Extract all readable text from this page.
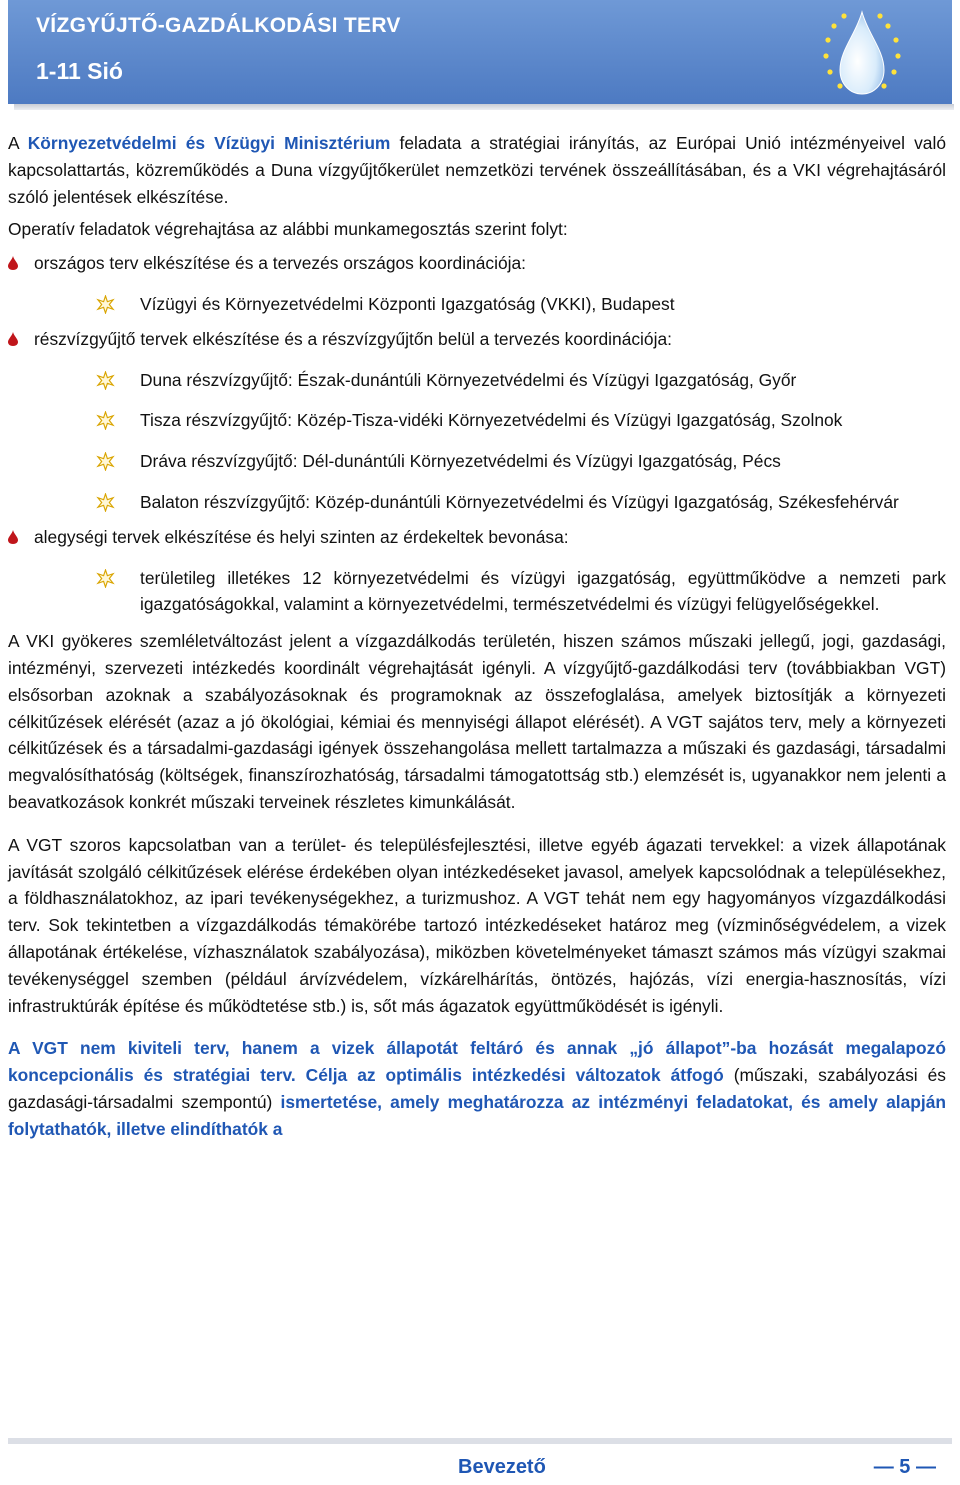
VÍZGYŰJTŐ-GAZDÁLKODÁSI TERV
1-11 Sió

A Környezetvédelmi és Vízügyi Minisztérium feladata a stratégiai irányítás, az Európai Unió intézményeivel való kapcsolattartás, közreműködés a Duna vízgyűjtőkerület nemzetközi tervének összeállításában, és a VKI végrehajtásáról szóló jelentések elkészítése.

Operatív feladatok végrehajtása az alábbi munkamegosztás szerint folyt:

országos terv elkészítése és a tervezés országos koordinációja:
Vízügyi és Környezetvédelmi Központi Igazgatóság (VKKI), Budapest
részvízgyűjtő tervek elkészítése és a részvízgyűjtőn belül a tervezés koordinációja:
Duna részvízgyűjtő: Észak-dunántúli Környezetvédelmi és Vízügyi Igazgatóság, Győr
Tisza részvízgyűjtő: Közép-Tisza-vidéki Környezetvédelmi és Vízügyi Igazgatóság, Szolnok
Dráva részvízgyűjtő: Dél-dunántúli Környezetvédelmi és Vízügyi Igazgatóság, Pécs
Balaton részvízgyűjtő: Közép-dunántúli Környezetvédelmi és Vízügyi Igazgatóság, Székesfehérvár
alegységi tervek elkészítése és helyi szinten az érdekeltek bevonása:
területileg illetékes 12 környezetvédelmi és vízügyi igazgatóság, együttműködve a nemzeti park igazgatóságokkal, valamint a környezetvédelmi, természetvédelmi és vízügyi felügyelőségekkel.

A VKI gyökeres szemléletváltozást jelent a vízgazdálkodás területén, hiszen számos műszaki jellegű, jogi, gazdasági, intézményi, szervezeti intézkedés koordinált végrehajtását igényli. A vízgyűjtő-gazdálkodási terv (továbbiakban VGT) elsősorban azoknak a szabályozásoknak és programoknak az összefoglalása, amelyek biztosítják a környezeti célkitűzések elérését (azaz a jó ökológiai, kémiai és mennyiségi állapot elérését). A VGT sajátos terv, mely a környezeti célkitűzések és a társadalmi-gazdasági igények összehangolása mellett tartalmazza a műszaki és gazdasági, társadalmi megvalósíthatóság (költségek, finanszírozhatóság, társadalmi támogatottság stb.) elemzését is, ugyanakkor nem jelenti a beavatkozások konkrét műszaki terveinek részletes kimunkálását.

A VGT szoros kapcsolatban van a terület- és településfejlesztési, illetve egyéb ágazati tervekkel: a vizek állapotának javítását szolgáló célkitűzések elérése érdekében olyan intézkedéseket javasol, amelyek kapcsolódnak a településekhez, a földhasználatokhoz, az ipari tevékenységekhez, a turizmushoz. A VGT tehát nem egy hagyományos vízgazdálkodási terv. Sok tekintetben a vízgazdálkodás témakörébe tartozó intézkedéseket határoz meg (vízminőségvédelem, a vizek állapotának értékelése, vízhasználatok szabályozása), miközben követelményeket támaszt számos más vízügyi szakmai tevékenységgel szemben (például árvízvédelem, vízkárelhárítás, öntözés, hajózás, vízi energia-hasznosítás, vízi infrastruktúrák építése és működtetése stb.) is, sőt más ágazatok együttműködését is igényli.

A VGT nem kiviteli terv, hanem a vizek állapotát feltáró és annak „jó állapot”-ba hozását megalapozó koncepcionális és stratégiai terv. Célja az optimális intézkedési változatok átfogó (műszaki, szabályozási és gazdasági-társadalmi szempontú) ismertetése, amely meghatározza az intézményi feladatokat, és amely alapján folytathatók, illetve elindíthatók a

Bevezető	— 5 —
